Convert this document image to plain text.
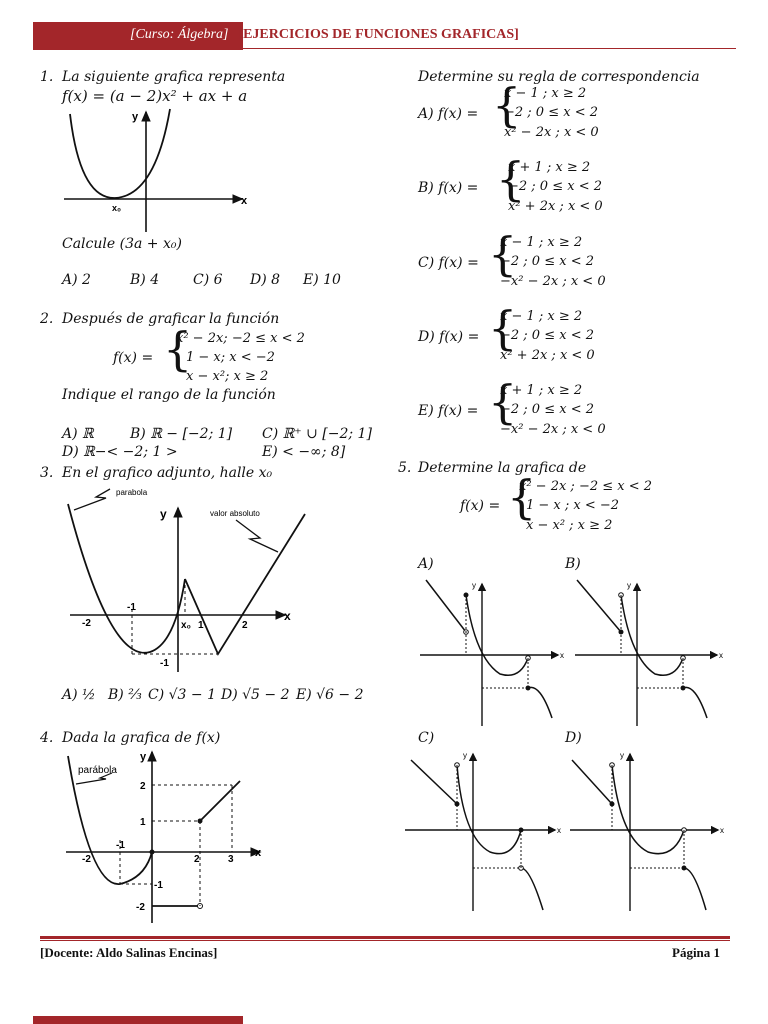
[Curso: Álgebra] [EJERCICIOS DE FUNCIONES GRAFICAS]
1. La siguiente grafica representa
f(x) = (a − 2)x² + ax + a
y
x
x₀
Calcule (3a + x₀)
A) 2	B) 4 C) 6 D) 8 E) 10
2. Después de graficar la función
f(x) = {
x² − 2x; −2 ≤ x < 2
1 − x; x < −2
x − x²; x ≥ 2
Indique el rango de la función
A) ℝ	B) ℝ − [−2; 1] C) ℝ⁺ ∪ [−2; 1]
D) ℝ−< −2; 1 >	E) < −∞; 8]
3. En el grafico adjunto, halle x₀
parabola
valor absoluto
y
x
-2
-1
x₀ 1	2
-1
A) ½ B) ⅔ C) √3 − 1 D) √5 − 2 E) √6 − 2
4. Dada la grafica de f(x)
parábola
y
x
2
1
-1
-2
-2
-1
2	3
Determine su regla de correspondencia
A) f(x) = {
x − 1 ; x ≥ 2
−2 ; 0 ≤ x < 2
x² − 2x ; x < 0
B) f(x) = {
x + 1 ; x ≥ 2
−2 ; 0 ≤ x < 2
x² + 2x ; x < 0
C) f(x) = {
x − 1 ; x ≥ 2
−2 ; 0 ≤ x < 2
−x² − 2x ; x < 0
D) f(x) = {
x − 1 ; x ≥ 2
−2 ; 0 ≤ x < 2
x² + 2x ; x < 0
E) f(x) = {
x + 1 ; x ≥ 2
−2 ; 0 ≤ x < 2
−x² − 2x ; x < 0
5. Determine la grafica de
f(x) = {
x² − 2x ; −2 ≤ x < 2
1 − x ; x < −2
x − x² ; x ≥ 2
A)	B)
C)	D)
y
x
y
x
y
x
y
x
[Docente: Aldo Salinas Encinas]	Página 1
